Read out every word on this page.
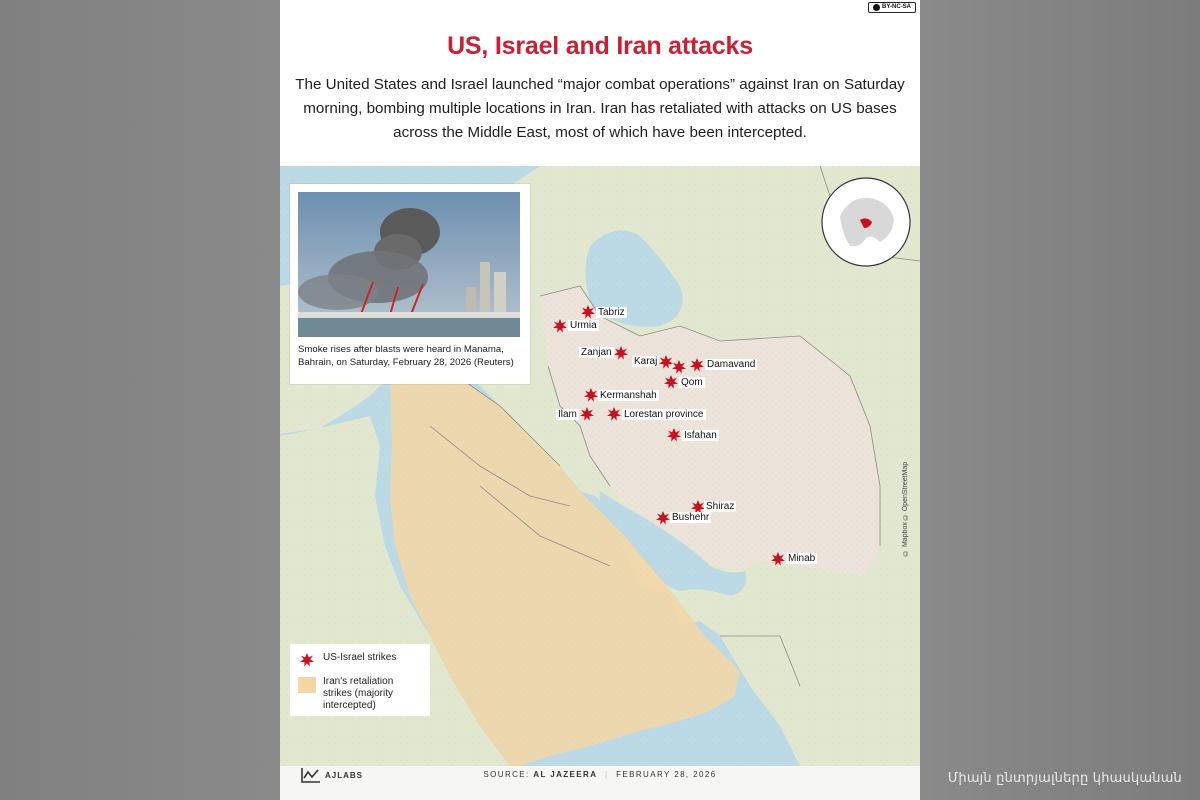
BY-NC-SA
US, Israel and Iran attacks
The United States and Israel launched “major combat operations” against Iran on Saturday morning, bombing multiple locations in Iran. Iran has retaliated with attacks on US bases across the Middle East, most of which have been intercepted.
Smoke rises after blasts were heard in Manama, Bahrain, on Saturday, February 28, 2026 (Reuters)
Tabriz
Urmia
Zanjan
Karaj	Damavand
Qom
Kermanshah
Ilam	Lorestan province
Isfahan
Shiraz
Bushehr
Minab
© Mapbox © OpenStreetMap
US-Israel strikes
Iran's retaliation strikes (majority intercepted)
AJLABS	SOURCE: AL JAZEERA | FEBRUARY 28, 2026	Միայն ընտրյալները կհասկանան
